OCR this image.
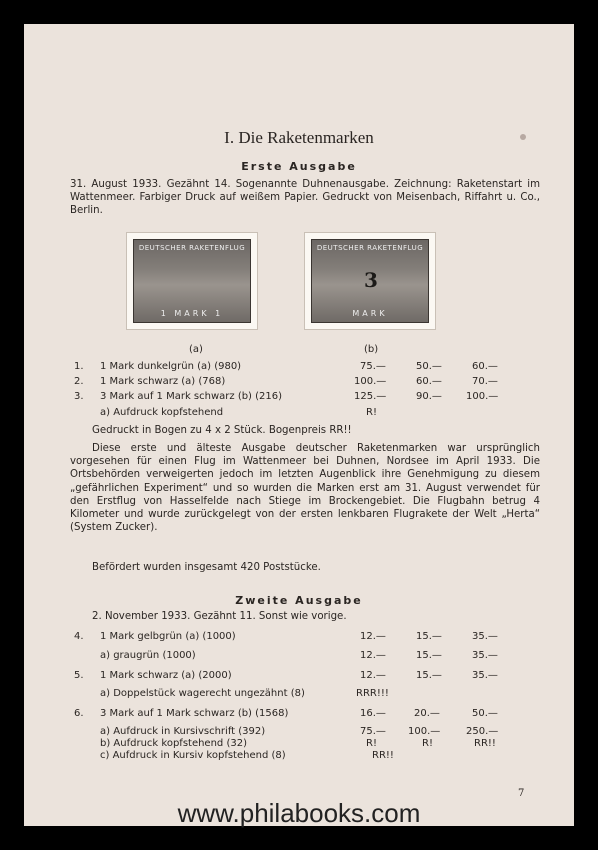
I. Die Raketenmarken
Erste Ausgabe
31. August 1933. Gezähnt 14. Sogenannte Duhnenausgabe. Zeichnung: Raketenstart im Wattenmeer. Farbiger Druck auf weißem Papier. Gedruckt von Meisenbach, Riffahrt u. Co., Berlin.
DEUTSCHER RAKETENFLUG
1 MARK 1
DEUTSCHER RAKETENFLUG
3
MARK
(a)	(b)
1. 1 Mark dunkelgrün (a) (980)	75.—	50.—	60.—
2. 1 Mark schwarz (a) (768)	100.—	60.—	70.—
3. 3 Mark auf 1 Mark schwarz (b) (216)	125.—	90.— 100.—
a) Aufdruck kopfstehend	R!
Gedruckt in Bogen zu 4 x 2 Stück. Bogenpreis RR!!
Diese erste und älteste Ausgabe deutscher Raketenmarken war ursprünglich vorgesehen für einen Flug im Wattenmeer bei Duhnen, Nordsee im April 1933. Die Ortsbehörden verweigerten jedoch im letzten Augenblick ihre Genehmigung zu diesem „gefährlichen Experiment“ und so wurden die Marken erst am 31. August verwendet für den Erstflug von Hasselfelde nach Stiege im Brockengebiet. Die Flugbahn betrug 4 Kilometer und wurde zurückgelegt von der ersten lenkbaren Flugrakete der Welt „Herta“ (System Zucker).
Befördert wurden insgesamt 420 Poststücke.
Zweite Ausgabe
2. November 1933. Gezähnt 11. Sonst wie vorige.
4. 1 Mark gelbgrün (a) (1000)	12.—	15.—	35.—
a) graugrün (1000)	12.—	15.—	35.—
5. 1 Mark schwarz (a) (2000)	12.—	15.—	35.—
a) Doppelstück wagerecht ungezähnt (8)	RRR!!!
6. 3 Mark auf 1 Mark schwarz (b) (1568)	16.—	20.—	50.—
a) Aufdruck in Kursivschrift (392)	75.— 100.—	250.—
b) Aufdruck kopfstehend (32)	R!	R!	RR!!
c) Aufdruck in Kursiv kopfstehend (8)	RR!!
7
www.philabooks.com
